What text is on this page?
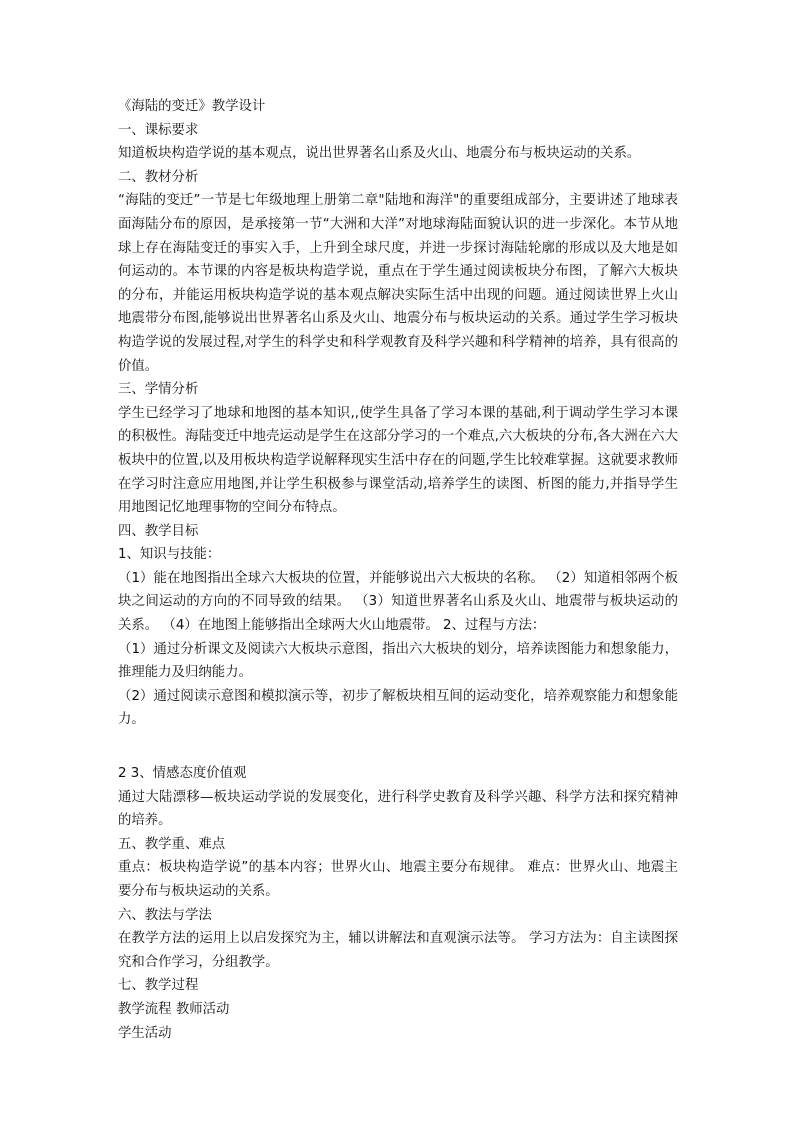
《海陆的变迁》教学设计

一、课标要求

知道板块构造学说的基本观点，说出世界著名山系及火山、地震分布与板块运动的关系。

二、教材分析

“海陆的变迁”一节是七年级地理上册第二章"陆地和海洋"的重要组成部分，主要讲述了地球表面海陆分布的原因，是承接第一节“大洲和大洋”对地球海陆面貌认识的进一步深化。本节从地球上存在海陆变迁的事实入手，上升到全球尺度，并进一步探讨海陆轮廓的形成以及大地是如何运动的。本节课的内容是板块构造学说，重点在于学生通过阅读板块分布图，了解六大板块的分布，并能运用板块构造学说的基本观点解决实际生活中出现的问题。通过阅读世界上火山地震带分布图,能够说出世界著名山系及火山、地震分布与板块运动的关系。通过学生学习板块构造学说的发展过程,对学生的科学史和科学观教育及科学兴趣和科学精神的培养，具有很高的价值。

三、学情分析

学生已经学习了地球和地图的基本知识,,使学生具备了学习本课的基础,利于调动学生学习本课的积极性。海陆变迁中地壳运动是学生在这部分学习的一个难点,六大板块的分布,各大洲在六大板块中的位置,以及用板块构造学说解释现实生活中存在的问题,学生比较难掌握。这就要求教师在学习时注意应用地图,并让学生积极参与课堂活动,培养学生的读图、析图的能力,并指导学生用地图记忆地理事物的空间分布特点。

四、教学目标

1、知识与技能：

（1）能在地图指出全球六大板块的位置，并能够说出六大板块的名称。 （2）知道相邻两个板块之间运动的方向的不同导致的结果。 （3）知道世界著名山系及火山、地震带与板块运动的关系。 （4）在地图上能够指出全球两大火山地震带。 2、过程与方法：

（1）通过分析课文及阅读六大板块示意图，指出六大板块的划分，培养读图能力和想象能力，推理能力及归纳能力。

（2）通过阅读示意图和模拟演示等，初步了解板块相互间的运动变化，培养观察能力和想象能力。

2 3、情感态度价值观

通过大陆漂移—板块运动学说的发展变化，进行科学史教育及科学兴趣、科学方法和探究精神的培养。

五、教学重、难点

重点：板块构造学说”的基本内容；世界火山、地震主要分布规律。 难点：世界火山、地震主要分布与板块运动的关系。

六、教法与学法

在教学方法的运用上以启发探究为主，辅以讲解法和直观演示法等。 学习方法为：自主读图探究和合作学习，分组教学。

七、教学过程

教学流程 教师活动

学生活动
